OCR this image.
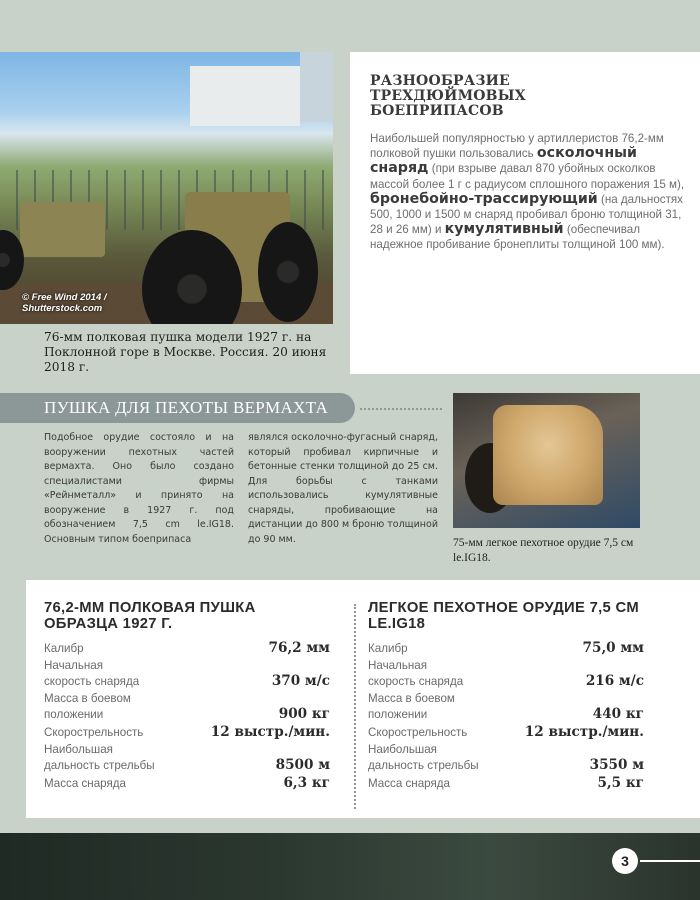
© Free Wind 2014 /
Shutterstock.com
76-мм полковая пушка модели 1927 г. на Поклонной горе в Москве. Россия. 20 июня 2018 г.
РАЗНООБРАЗИЕ ТРЕХДЮЙМОВЫХ БОЕПРИПАСОВ

Наибольшей популярностью у артиллеристов 76,2-мм полковой пушки пользовались осколочный снаряд (при взрыве давал 870 убойных осколков массой более 1 г с радиусом сплошного поражения 15 м), бронебойно-трассирующий (на дальностях 500, 1000 и 1500 м снаряд пробивал броню толщиной 31, 28 и 26 мм) и кумулятивный (обеспечивал надежное пробивание бронеплиты толщиной 100 мм).

ПУШКА ДЛЯ ПЕХОТЫ ВЕРМАХТА
Подобное орудие состояло и на вооружении пехотных частей вермахта. Оно было создано специалистами фирмы «Рейнметалл» и принято на вооружение в 1927 г. под обозначением 7,5 cm le.IG18. Основным типом боеприпаса
являлся осколочно-фугасный снаряд, который пробивал кирпичные и бетонные стенки толщиной до 25 см. Для борьбы с танками использовались кумулятивные снаряды, пробивающие на дистанции до 800 м броню толщиной до 90 мм.	75-мм легкое пехотное орудие 7,5 cм le.IG18.
76,2-ММ ПОЛКОВАЯ ПУШКА ОБРАЗЦА 1927 Г.
Калибр	76,2 мм
Начальная
скорость снаряда	370 м/с
Масса в боевом
положении	900 кг
Скорострельность	12 выстр./мин.
Наибольшая
дальность стрельбы	8500 м
Масса снаряда	6,3 кг
ЛЕГКОЕ ПЕХОТНОЕ ОРУДИЕ 7,5 CM LE.IG18
Калибр	75,0 мм
Начальная
скорость снаряда	216 м/с
Масса в боевом
положении	440 кг
Скорострельность	12 выстр./мин.
Наибольшая
дальность стрельбы	3550 м
Масса снаряда	5,5 кг
3
